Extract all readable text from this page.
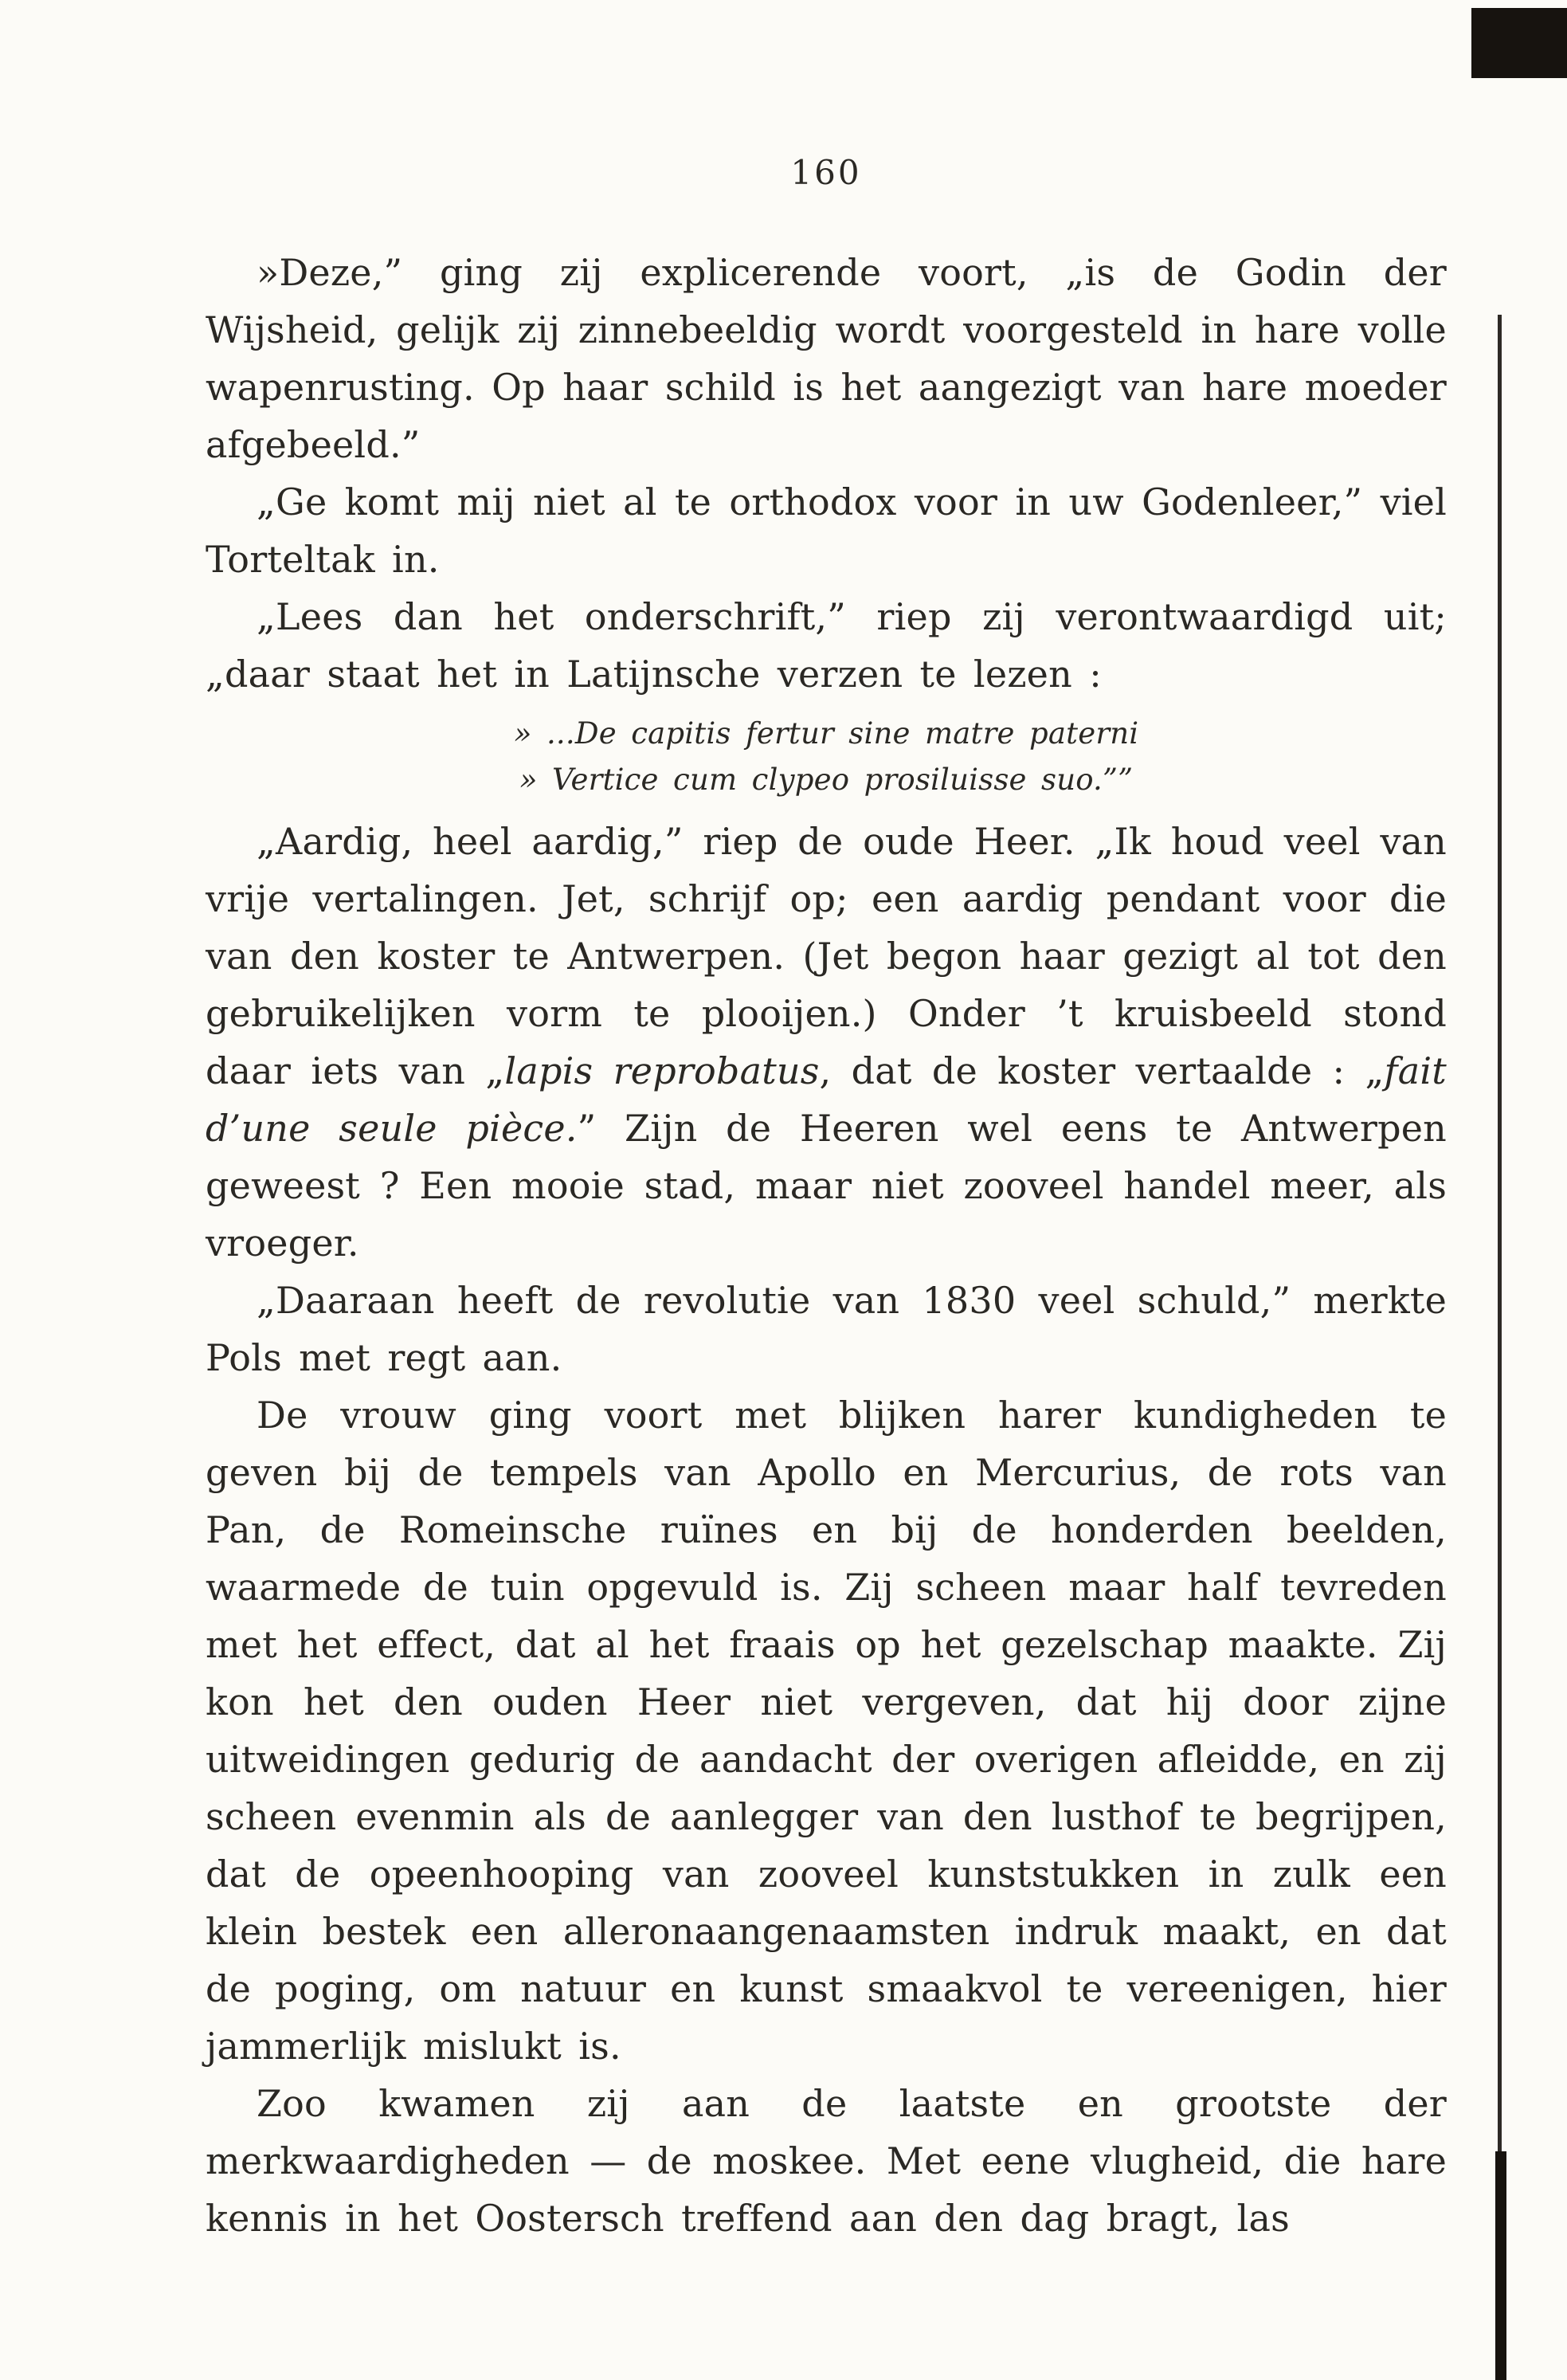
160

»Deze,” ging zij explicerende voort, „is de Godin der Wijsheid, gelijk zij zinnebeeldig wordt voorgesteld in hare volle wapenrusting. Op haar schild is het aangezigt van hare moeder afgebeeld.”

„Ge komt mij niet al te orthodox voor in uw Godenleer,” viel Torteltak in.

„Lees dan het onderschrift,” riep zij verontwaardigd uit; „daar staat het in Latijnsche verzen te lezen :

» ...De capitis fertur sine matre paterni
» Vertice cum clypeo prosiluisse suo.””

„Aardig, heel aardig,” riep de oude Heer. „Ik houd veel van vrije vertalingen. Jet, schrijf op; een aardig pendant voor die van den koster te Antwerpen. (Jet begon haar gezigt al tot den gebruikelijken vorm te plooijen.) Onder ’t kruisbeeld stond daar iets van „lapis reprobatus, dat de koster vertaalde : „fait d’une seule pièce.” Zijn de Heeren wel eens te Antwerpen geweest ? Een mooie stad, maar niet zooveel handel meer, als vroeger.

„Daaraan heeft de revolutie van 1830 veel schuld,” merkte Pols met regt aan.

De vrouw ging voort met blijken harer kundigheden te geven bij de tempels van Apollo en Mercurius, de rots van Pan, de Romeinsche ruïnes en bij de honderden beelden, waarmede de tuin opgevuld is. Zij scheen maar half tevreden met het effect, dat al het fraais op het gezelschap maakte. Zij kon het den ouden Heer niet vergeven, dat hij door zijne uitweidingen gedurig de aandacht der overigen afleidde, en zij scheen evenmin als de aanlegger van den lusthof te begrijpen, dat de opeenhooping van zooveel kunststukken in zulk een klein bestek een alleronaangenaamsten indruk maakt, en dat de poging, om natuur en kunst smaakvol te vereenigen, hier jammerlijk mislukt is.

Zoo kwamen zij aan de laatste en grootste der merkwaardigheden — de moskee. Met eene vlugheid, die hare kennis in het Oostersch treffend aan den dag bragt, las
